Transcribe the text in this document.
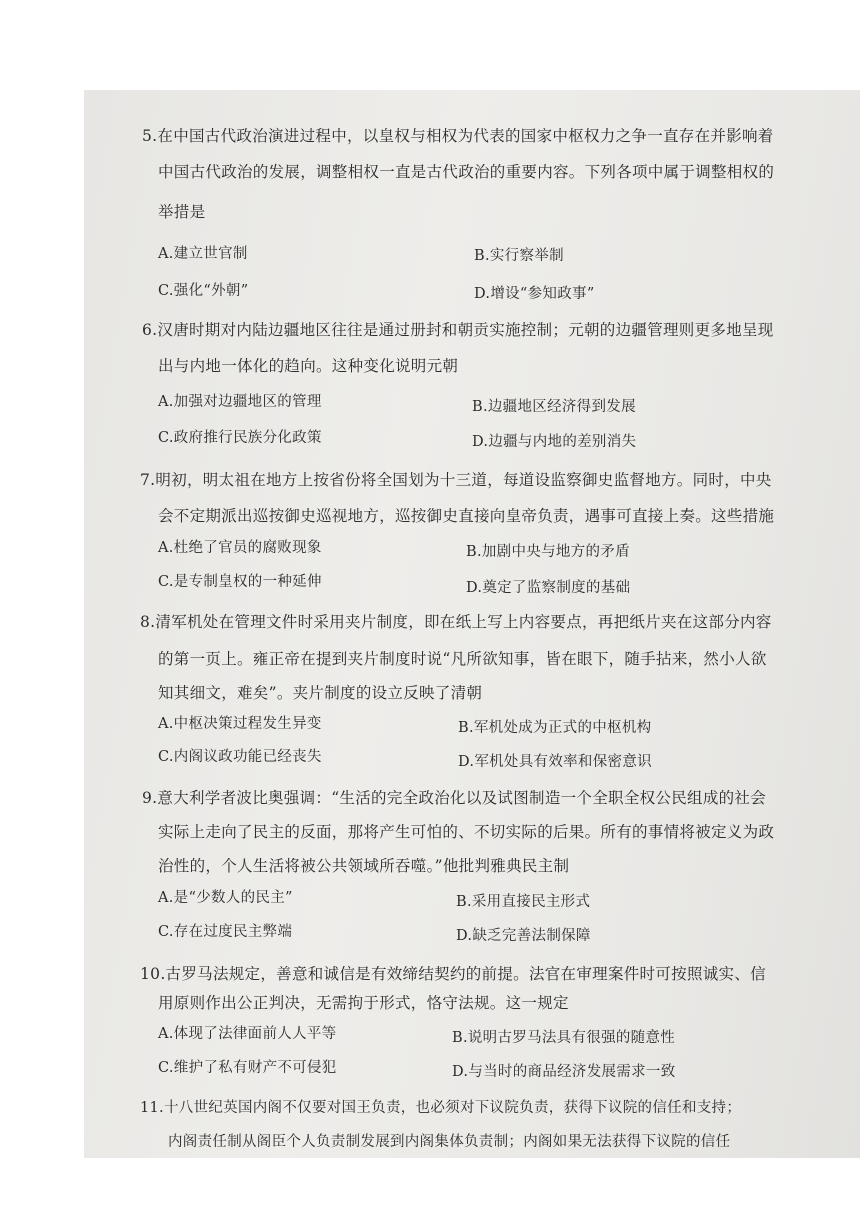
5.在中国古代政治演进过程中，以皇权与相权为代表的国家中枢权力之争一直存在并影响着
中国古代政治的发展，调整相权一直是古代政治的重要内容。下列各项中属于调整相权的
举措是
A.建立世官制	B.实行察举制
C.强化“外朝”	D.增设“参知政事”
6.汉唐时期对内陆边疆地区往往是通过册封和朝贡实施控制；元朝的边疆管理则更多地呈现
出与内地一体化的趋向。这种变化说明元朝
A.加强对边疆地区的管理	B.边疆地区经济得到发展
C.政府推行民族分化政策	D.边疆与内地的差别消失
7.明初，明太祖在地方上按省份将全国划为十三道，每道设监察御史监督地方。同时，中央
会不定期派出巡按御史巡视地方，巡按御史直接向皇帝负责，遇事可直接上奏。这些措施
A.杜绝了官员的腐败现象	B.加剧中央与地方的矛盾
C.是专制皇权的一种延伸	D.奠定了监察制度的基础
8.清军机处在管理文件时采用夹片制度，即在纸上写上内容要点，再把纸片夹在这部分内容
的第一页上。雍正帝在提到夹片制度时说“凡所欲知事，皆在眼下，随手拈来，然小人欲
知其细文，难矣”。夹片制度的设立反映了清朝
A.中枢决策过程发生异变	B.军机处成为正式的中枢机构
C.内阁议政功能已经丧失	D.军机处具有效率和保密意识
9.意大利学者波比奥强调：“生活的完全政治化以及试图制造一个全职全权公民组成的社会
实际上走向了民主的反面，那将产生可怕的、不切实际的后果。所有的事情将被定义为政
治性的，个人生活将被公共领域所吞噬。”他批判雅典民主制
A.是“少数人的民主”	B.采用直接民主形式
C.存在过度民主弊端	D.缺乏完善法制保障
10.古罗马法规定，善意和诚信是有效缔结契约的前提。法官在审理案件时可按照诚实、信
用原则作出公正判决，无需拘于形式，恪守法规。这一规定
A.体现了法律面前人人平等	B.说明古罗马法具有很强的随意性
C.维护了私有财产不可侵犯	D.与当时的商品经济发展需求一致
11.十八世纪英国内阁不仅要对国王负责，也必须对下议院负责，获得下议院的信任和支持；
内阁责任制从阁臣个人负责制发展到内阁集体负责制；内阁如果无法获得下议院的信任
